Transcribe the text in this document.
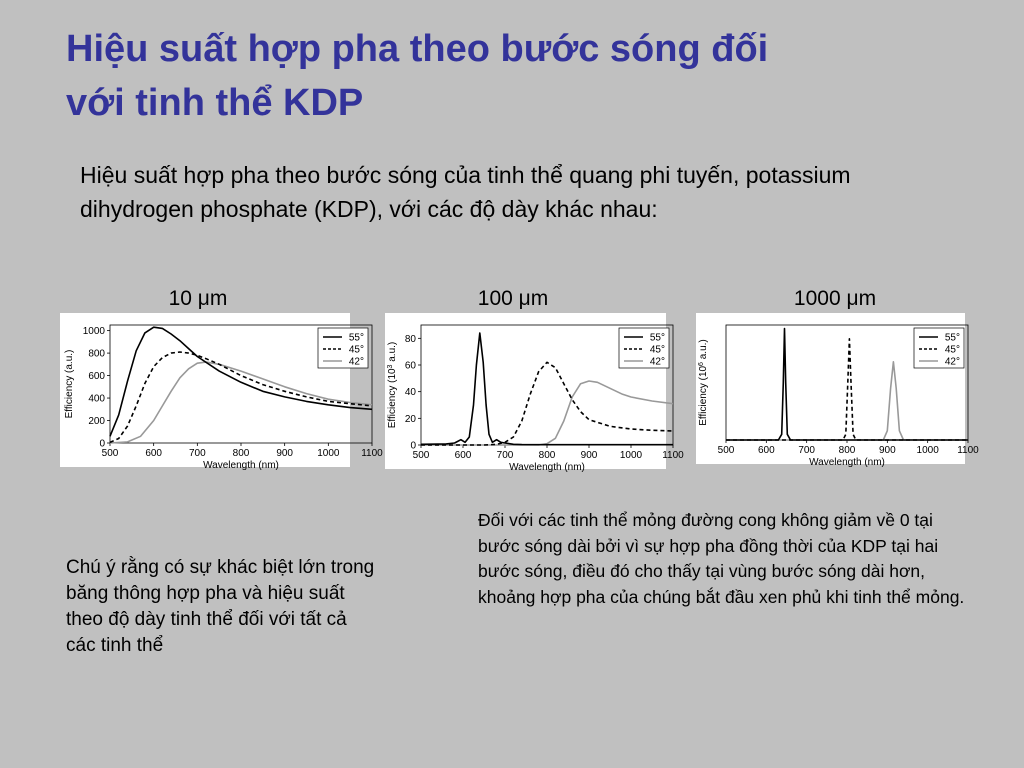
Hiệu suất hợp pha theo bước sóng đối
với tinh thể KDP
Hiệu suất hợp pha theo bước sóng của tinh thể quang phi tuyến, potassium dihydrogen phosphate (KDP), với các độ dày khác nhau:
10 μm	100 μm	1000 μm
500	600	700	800	900 1000 1100
0
200
400
600
800
1000
Wavelength (nm)
Efficiency (a.u.)
55°
45°
42°
500	600	700	800	900 1000 1100
0
20
40
60
80
Wavelength (nm)
Efficiency ($10^3$ a.u.)
55°
45°
42°
500 600 700 800 900 1000 1100
Wavelength (nm)
Efficiency ($10^6$ a.u.)
55°
45°
42°
Chú ý rằng có sự khác biệt lớn trong băng thông hợp pha và hiệu suất theo độ dày tinh thể đối với tất cả các tinh thể
Đối với các tinh thể mỏng đường cong không giảm về 0 tại bước sóng dài bởi vì sự hợp pha đồng thời của KDP tại hai bước sóng, điều đó cho thấy tại vùng bước sóng dài hơn, khoảng hợp pha của chúng bắt đầu xen phủ khi tinh thể mỏng.
